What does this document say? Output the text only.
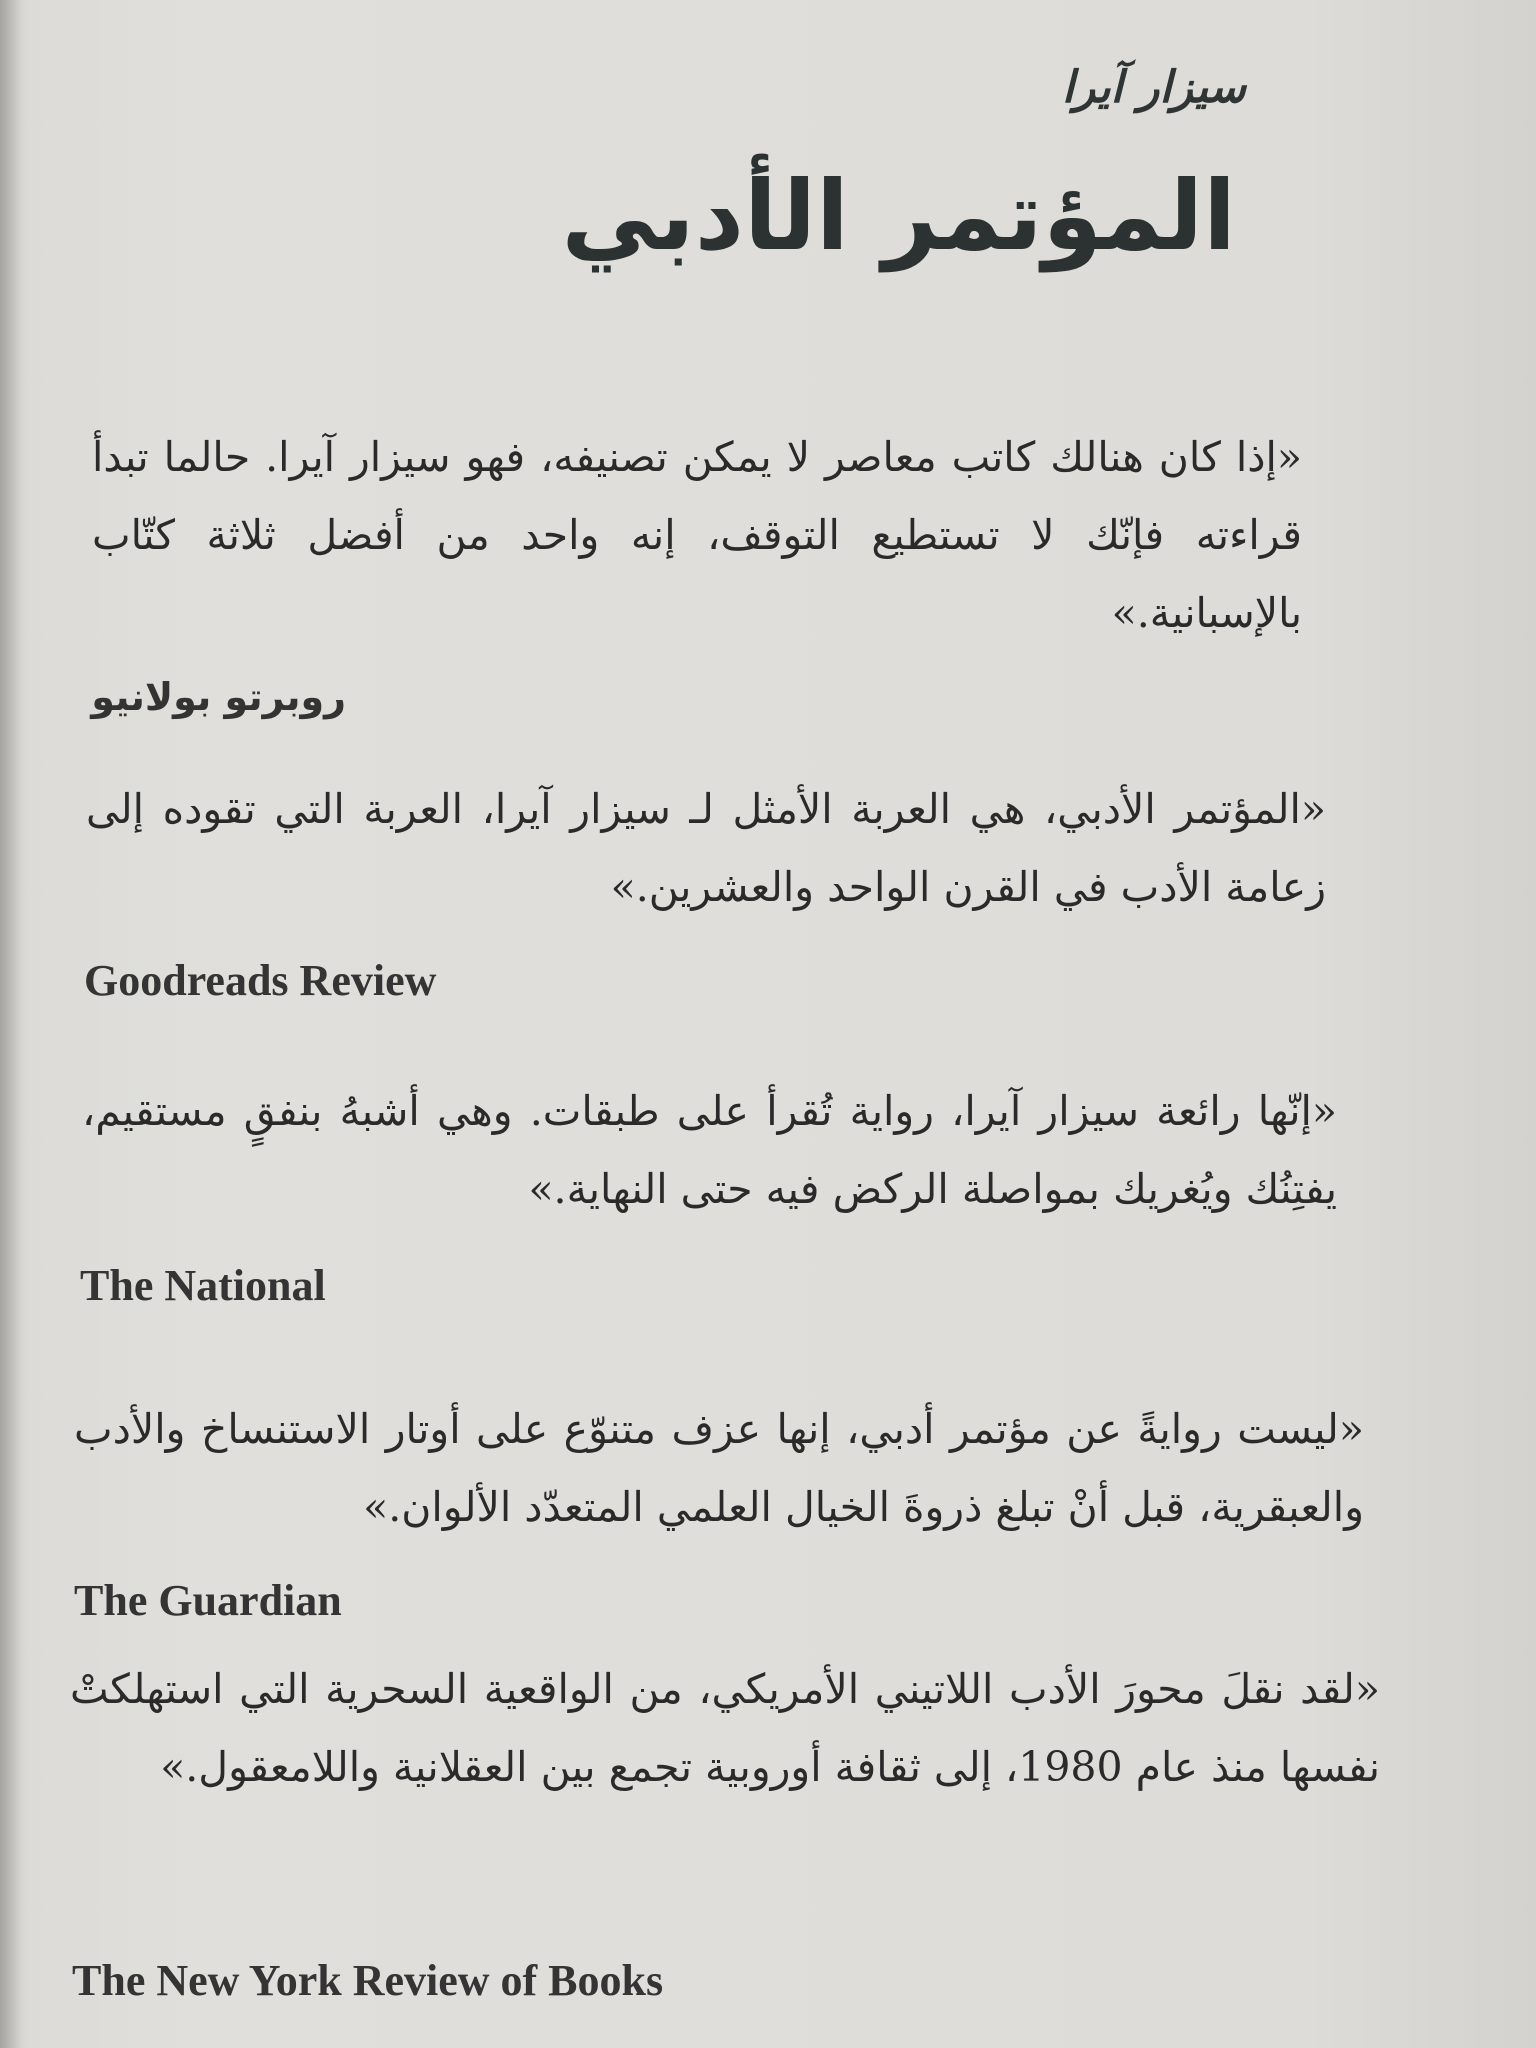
سيزار آيرا
المؤتمر الأدبي
«إذا كان هنالك كاتب معاصر لا يمكن تصنيفه، فهو سيزار آيرا. حالما تبدأ قراءته فإنّك لا تستطيع التوقف، إنه واحد من أفضل ثلاثة كتّاب بالإسبانية.»
روبرتو بولانيو
«المؤتمر الأدبي، هي العربة الأمثل لـ سيزار آيرا، العربة التي تقوده إلى زعامة الأدب في القرن الواحد والعشرين.»
Goodreads Review
«إنّها رائعة سيزار آيرا، رواية تُقرأ على طبقات. وهي أشبهُ بنفقٍ مستقيم، يفتِنُك ويُغريك بمواصلة الركض فيه حتى النهاية.»
The National
«ليست روايةً عن مؤتمر أدبي، إنها عزف متنوّع على أوتار الاستنساخ والأدب والعبقرية، قبل أنْ تبلغ ذروةَ الخيال العلمي المتعدّد الألوان.»
The Guardian
«لقد نقلَ محورَ الأدب اللاتيني الأمريكي، من الواقعية السحرية التي استهلكتْ نفسها منذ عام 1980، إلى ثقافة أوروبية تجمع بين العقلانية واللامعقول.»
The New York Review of Books
